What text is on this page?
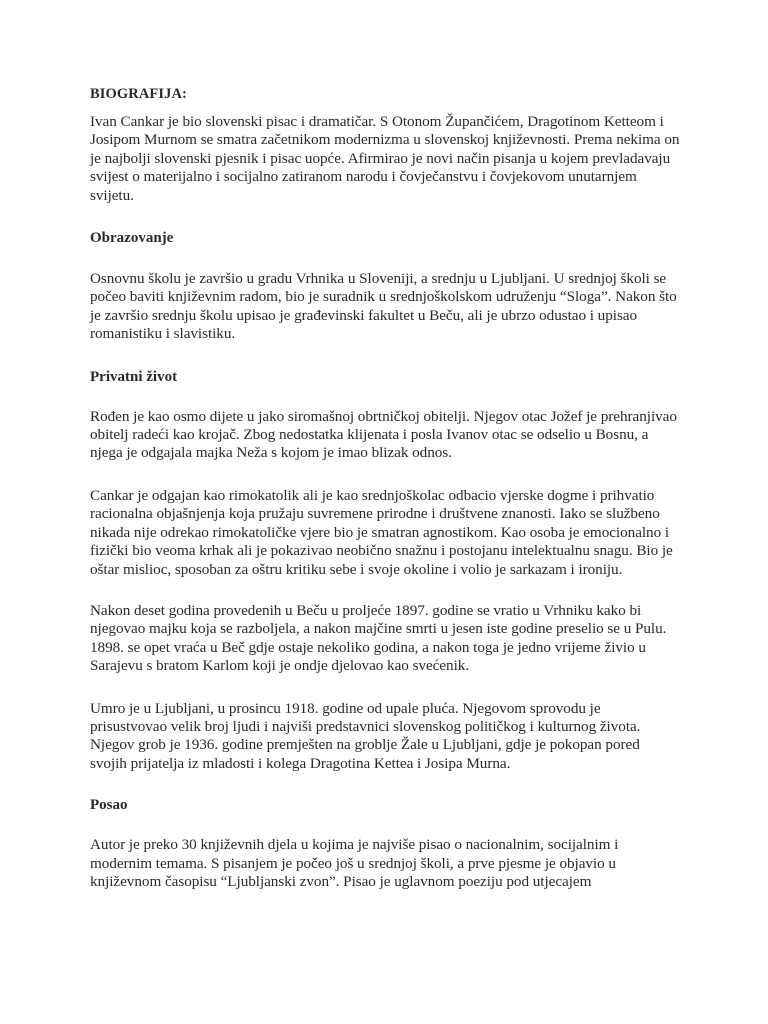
BIOGRAFIJA:

Ivan Cankar je bio slovenski pisac i dramatičar. S Otonom Župančićem, Dragotinom Ketteom i Josipom Murnom se smatra začetnikom modernizma u slovenskoj književnosti. Prema nekima on je najbolji slovenski pjesnik i pisac uopće. Afirmirao je novi način pisanja u kojem prevladavaju svijest o materijalno i socijalno zatiranom narodu i čovječanstvu i čovjekovom unutarnjem svijetu.

Obrazovanje

Osnovnu školu je završio u gradu Vrhnika u Sloveniji, a srednju u Ljubljani. U srednjoj školi se počeo baviti književnim radom, bio je suradnik u srednjoškolskom udruženju “Sloga”. Nakon što je završio srednju školu upisao je građevinski fakultet u Beču, ali je ubrzo odustao i upisao romanistiku i slavistiku.

Privatni život

Rođen je kao osmo dijete u jako siromašnoj obrtničkoj obitelji. Njegov otac Jožef je prehranjivao obitelj radeći kao krojač. Zbog nedostatka klijenata i posla Ivanov otac se odselio u Bosnu, a njega je odgajala majka Neža s kojom je imao blizak odnos.

Cankar je odgajan kao rimokatolik ali je kao srednjoškolac odbacio vjerske dogme i prihvatio racionalna objašnjenja koja pružaju suvremene prirodne i društvene znanosti. Iako se službeno nikada nije odrekao rimokatoličke vjere bio je smatran agnostikom. Kao osoba je emocionalno i fizički bio veoma krhak ali je pokazivao neobično snažnu i postojanu intelektualnu snagu. Bio je oštar mislioc, sposoban za oštru kritiku sebe i svoje okoline i volio je sarkazam i ironiju.

Nakon deset godina provedenih u Beču u proljeće 1897. godine se vratio u Vrhniku kako bi njegovao majku koja se razboljela, a nakon majčine smrti u jesen iste godine preselio se u Pulu. 1898. se opet vraća u Beč gdje ostaje nekoliko godina, a nakon toga je jedno vrijeme živio u Sarajevu s bratom Karlom koji je ondje djelovao kao svećenik.

Umro je u Ljubljani, u prosincu 1918. godine od upale pluća. Njegovom sprovodu je prisustvovao velik broj ljudi i najviši predstavnici slovenskog političkog i kulturnog života. Njegov grob je 1936. godine premješten na groblje Žale u Ljubljani, gdje je pokopan pored svojih prijatelja iz mladosti i kolega Dragotina Kettea i Josipa Murna.

Posao

Autor je preko 30 književnih djela u kojima je najviše pisao o nacionalnim, socijalnim i modernim temama. S pisanjem je počeo još u srednjoj školi, a prve pjesme je objavio u književnom časopisu “Ljubljanski zvon”. Pisao je uglavnom poeziju pod utjecajem
